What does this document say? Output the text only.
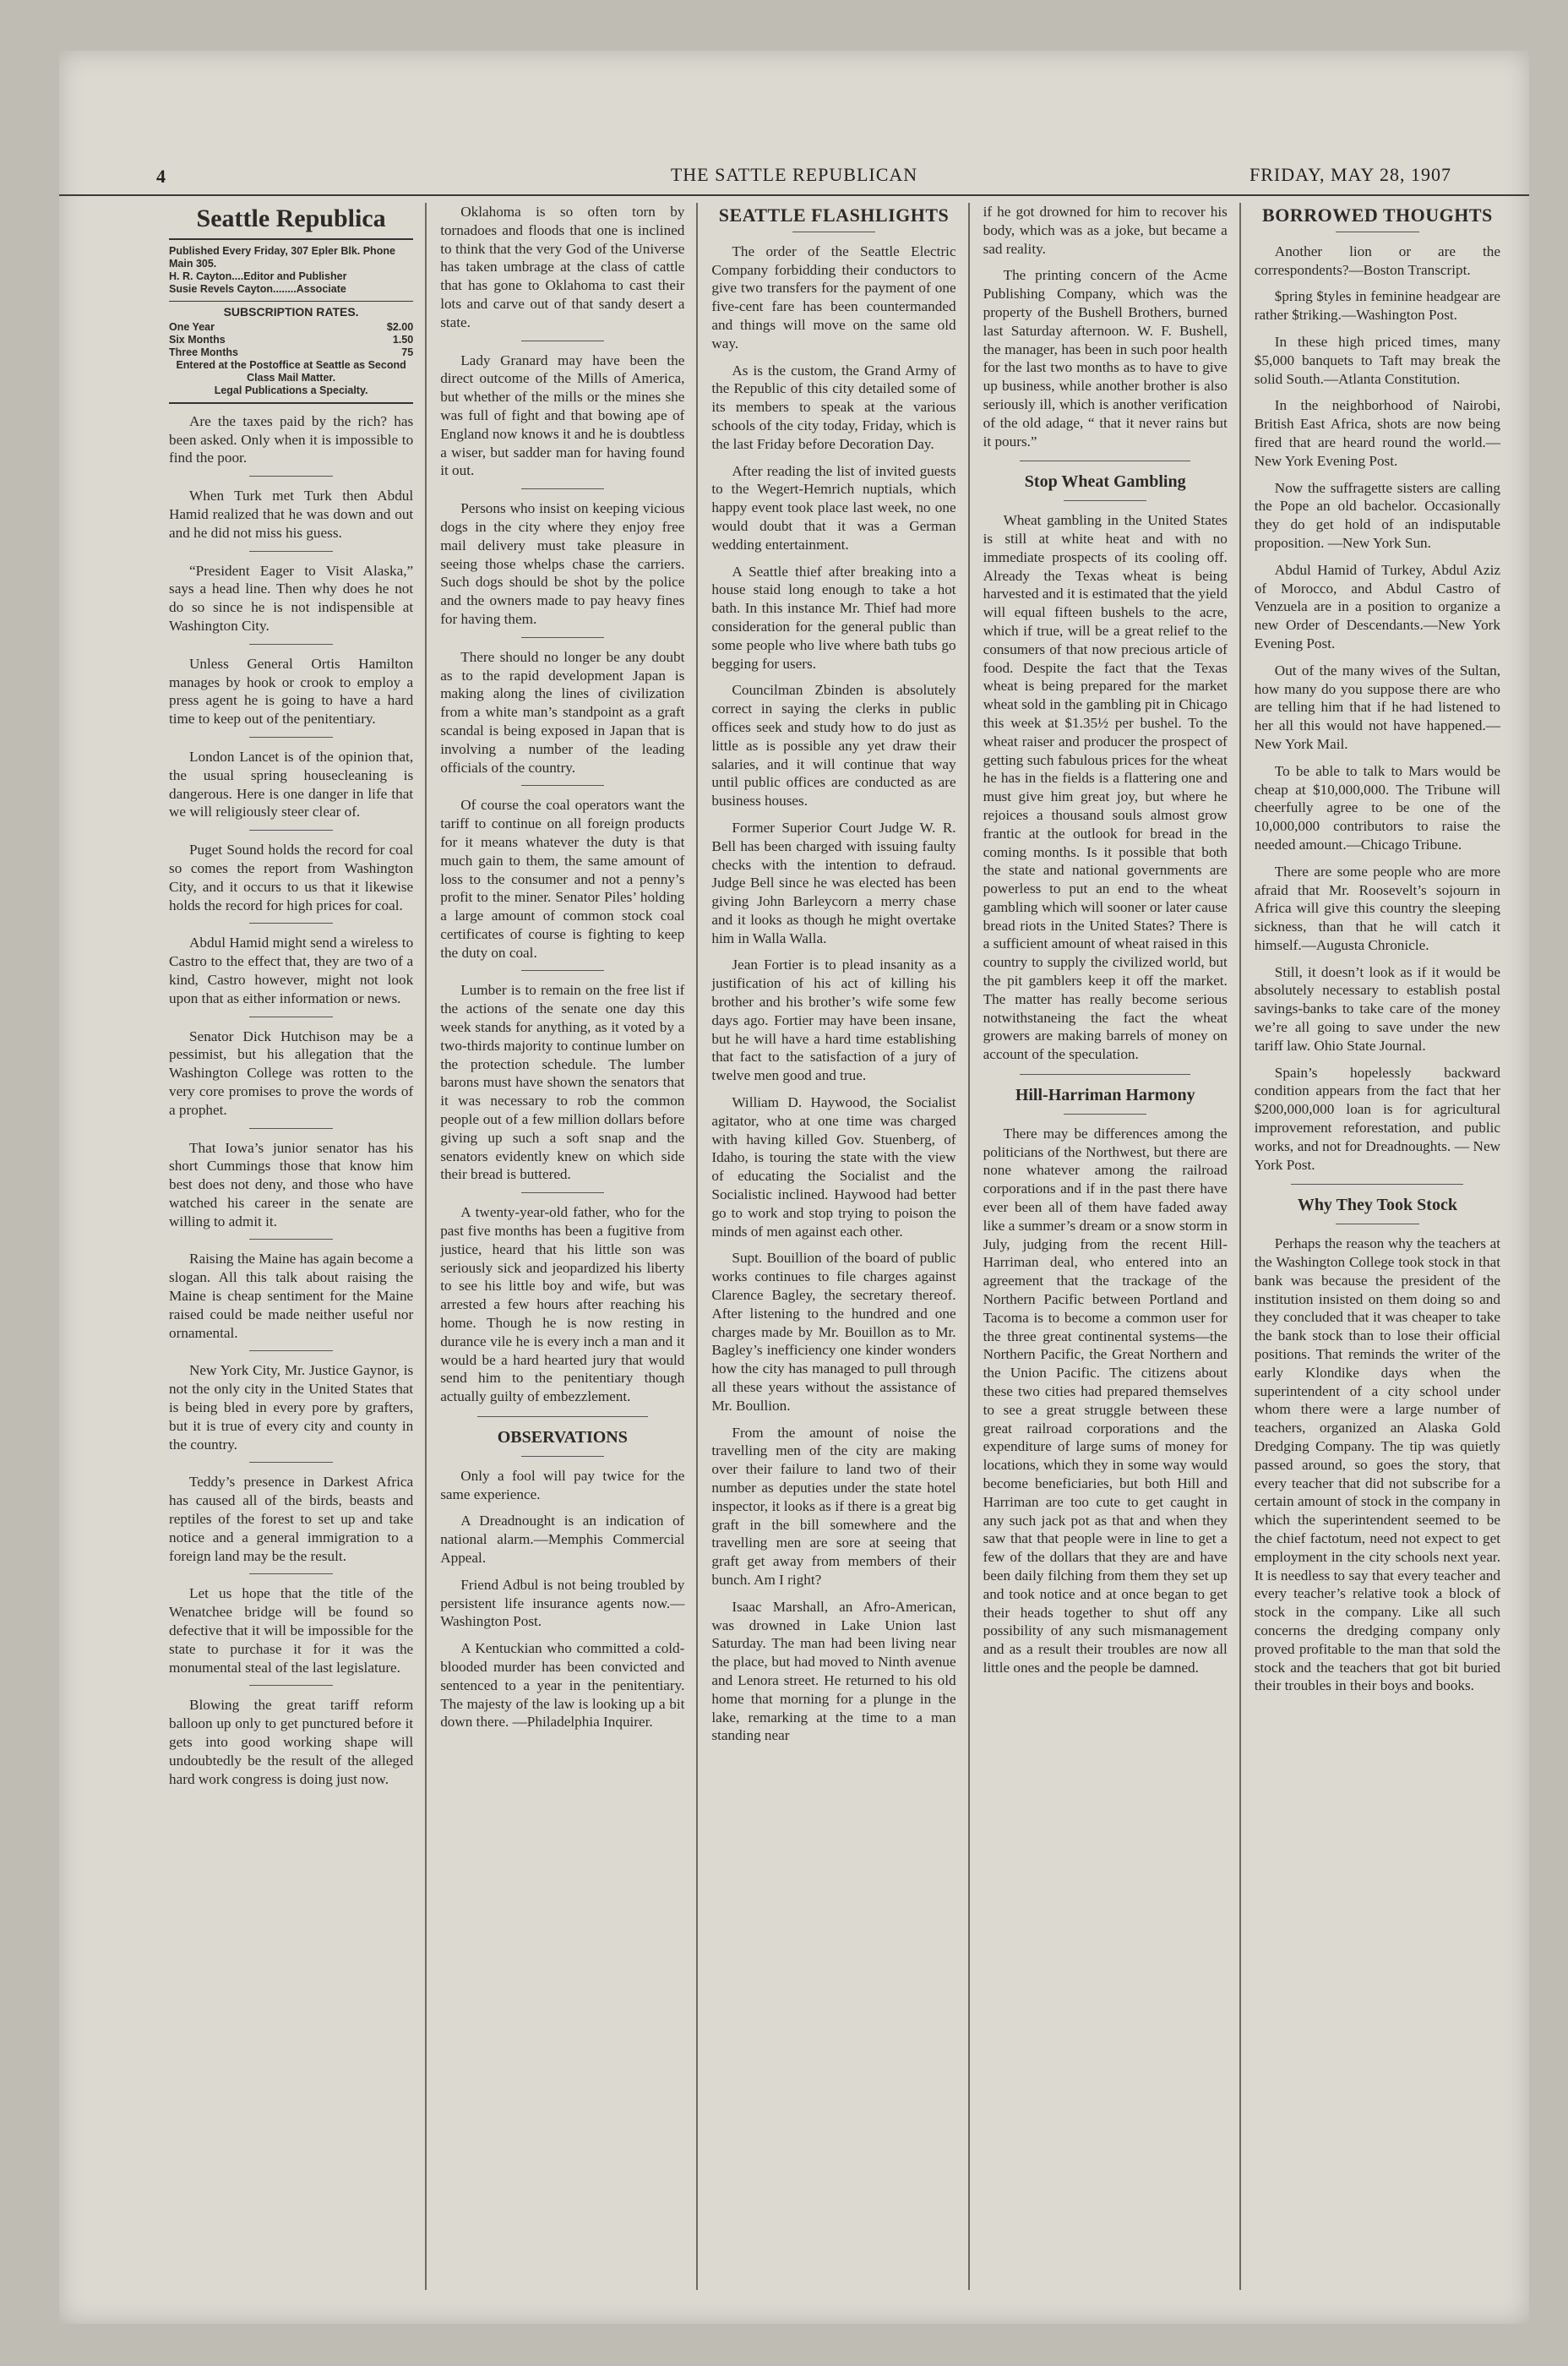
4	THE SATTLE REPUBLICAN	FRIDAY, MAY 28, 1907
Seattle Republica
Published Every Friday, 307 Epler Blk. Phone Main 305.
H. R. Cayton....Editor and Publisher
Susie Revels Cayton........Associate
SUBSCRIPTION RATES.
One Year	$2.00
Six Months	1.50
Three Months	75
Entered at the Postoffice at Seattle as Second Class Mail Matter.
Legal Publications a Specialty.

Are the taxes paid by the rich? has been asked. Only when it is impossible to find the poor.

When Turk met Turk then Abdul Hamid realized that he was down and out and he did not miss his guess.

“President Eager to Visit Alaska,” says a head line. Then why does he not do so since he is not indispensible at Washington City.

Unless General Ortis Hamilton manages by hook or crook to employ a press agent he is going to have a hard time to keep out of the penitentiary.

London Lancet is of the opinion that, the usual spring housecleaning is dangerous. Here is one danger in life that we will religiously steer clear of.

Puget Sound holds the record for coal so comes the report from Washington City, and it occurs to us that it likewise holds the record for high prices for coal.

Abdul Hamid might send a wireless to Castro to the effect that, they are two of a kind, Castro however, might not look upon that as either information or news.

Senator Dick Hutchison may be a pessimist, but his allegation that the Washington College was rotten to the very core promises to prove the words of a prophet.

That Iowa’s junior senator has his short Cummings those that know him best does not deny, and those who have watched his career in the senate are willing to admit it.

Raising the Maine has again become a slogan. All this talk about raising the Maine is cheap sentiment for the Maine raised could be made neither useful nor ornamental.

New York City, Mr. Justice Gaynor, is not the only city in the United States that is being bled in every pore by grafters, but it is true of every city and county in the country.

Teddy’s presence in Darkest Africa has caused all of the birds, beasts and reptiles of the forest to set up and take notice and a general immigration to a foreign land may be the result.

Let us hope that the title of the Wenatchee bridge will be found so defective that it will be impossible for the state to purchase it for it was the monumental steal of the last legislature.

Blowing the great tariff reform balloon up only to get punctured before it gets into good working shape will undoubtedly be the result of the alleged hard work congress is doing just now.

Oklahoma is so often torn by tornadoes and floods that one is inclined to think that the very God of the Universe has taken umbrage at the class of cattle that has gone to Oklahoma to cast their lots and carve out of that sandy desert a state.

Lady Granard may have been the direct outcome of the Mills of America, but whether of the mills or the mines she was full of fight and that bowing ape of England now knows it and he is doubtless a wiser, but sadder man for having found it out.

Persons who insist on keeping vicious dogs in the city where they enjoy free mail delivery must take pleasure in seeing those whelps chase the carriers. Such dogs should be shot by the police and the owners made to pay heavy fines for having them.

There should no longer be any doubt as to the rapid development Japan is making along the lines of civilization from a white man’s standpoint as a graft scandal is being exposed in Japan that is involving a number of the leading officials of the country.

Of course the coal operators want the tariff to continue on all foreign products for it means whatever the duty is that much gain to them, the same amount of loss to the consumer and not a penny’s profit to the miner. Senator Piles’ holding a large amount of common stock coal certificates of course is fighting to keep the duty on coal.

Lumber is to remain on the free list if the actions of the senate one day this week stands for anything, as it voted by a two-thirds majority to continue lumber on the protection schedule. The lumber barons must have shown the senators that it was necessary to rob the common people out of a few million dollars before giving up such a soft snap and the senators evidently knew on which side their bread is buttered.

A twenty-year-old father, who for the past five months has been a fugitive from justice, heard that his little son was seriously sick and jeopardized his liberty to see his little boy and wife, but was arrested a few hours after reaching his home. Though he is now resting in durance vile he is every inch a man and it would be a hard hearted jury that would send him to the penitentiary though actually guilty of embezzlement.

OBSERVATIONS

Only a fool will pay twice for the same experience.

A Dreadnought is an indication of national alarm.—Memphis Commercial Appeal.

Friend Adbul is not being troubled by persistent life insurance agents now.—Washington Post.

A Kentuckian who committed a cold-blooded murder has been convicted and sentenced to a year in the penitentiary. The majesty of the law is looking up a bit down there. —Philadelphia Inquirer.

SEATTLE FLASHLIGHTS

The order of the Seattle Electric Company forbidding their conductors to give two transfers for the payment of one five-cent fare has been countermanded and things will move on the same old way.

As is the custom, the Grand Army of the Republic of this city detailed some of its members to speak at the various schools of the city today, Friday, which is the last Friday before Decoration Day.

After reading the list of invited guests to the Wegert-Hemrich nuptials, which happy event took place last week, no one would doubt that it was a German wedding entertainment.

A Seattle thief after breaking into a house staid long enough to take a hot bath. In this instance Mr. Thief had more consideration for the general public than some people who live where bath tubs go begging for users.

Councilman Zbinden is absolutely correct in saying the clerks in public offices seek and study how to do just as little as is possible any yet draw their salaries, and it will continue that way until public offices are conducted as are business houses.

Former Superior Court Judge W. R. Bell has been charged with issuing faulty checks with the intention to defraud. Judge Bell since he was elected has been giving John Barleycorn a merry chase and it looks as though he might overtake him in Walla Walla.

Jean Fortier is to plead insanity as a justification of his act of killing his brother and his brother’s wife some few days ago. Fortier may have been insane, but he will have a hard time establishing that fact to the satisfaction of a jury of twelve men good and true.

William D. Haywood, the Socialist agitator, who at one time was charged with having killed Gov. Stuenberg, of Idaho, is touring the state with the view of educating the Socialist and the Socialistic inclined. Haywood had better go to work and stop trying to poison the minds of men against each other.

Supt. Bouillion of the board of public works continues to file charges against Clarence Bagley, the secretary thereof. After listening to the hundred and one charges made by Mr. Bouillon as to Mr. Bagley’s inefficiency one kinder wonders how the city has managed to pull through all these years without the assistance of Mr. Boullion.

From the amount of noise the travelling men of the city are making over their failure to land two of their number as deputies under the state hotel inspector, it looks as if there is a great big graft in the bill somewhere and the travelling men are sore at seeing that graft get away from members of their bunch. Am I right?

Isaac Marshall, an Afro-American, was drowned in Lake Union last Saturday. The man had been living near the place, but had moved to Ninth avenue and Lenora street. He returned to his old home that morning for a plunge in the lake, remarking at the time to a man standing near

if he got drowned for him to recover his body, which was as a joke, but became a sad reality.

The printing concern of the Acme Publishing Company, which was the property of the Bushell Brothers, burned last Saturday afternoon. W. F. Bushell, the manager, has been in such poor health for the last two months as to have to give up business, while another brother is also seriously ill, which is another verification of the old adage, “ that it never rains but it pours.”

Stop Wheat Gambling

Wheat gambling in the United States is still at white heat and with no immediate prospects of its cooling off. Already the Texas wheat is being harvested and it is estimated that the yield will equal fifteen bushels to the acre, which if true, will be a great relief to the consumers of that now precious article of food. Despite the fact that the Texas wheat is being prepared for the market wheat sold in the gambling pit in Chicago this week at $1.35½ per bushel. To the wheat raiser and producer the prospect of getting such fabulous prices for the wheat he has in the fields is a flattering one and must give him great joy, but where he rejoices a thousand souls almost grow frantic at the outlook for bread in the coming months. Is it possible that both the state and national governments are powerless to put an end to the wheat gambling which will sooner or later cause bread riots in the United States? There is a sufficient amount of wheat raised in this country to supply the civilized world, but the pit gamblers keep it off the market. The matter has really become serious notwithstaneing the fact the wheat growers are making barrels of money on account of the speculation.

Hill-Harriman Harmony

There may be differences among the politicians of the Northwest, but there are none whatever among the railroad corporations and if in the past there have ever been all of them have faded away like a summer’s dream or a snow storm in July, judging from the recent Hill-Harriman deal, who entered into an agreement that the trackage of the Northern Pacific between Portland and Tacoma is to become a common user for the three great continental systems—the Northern Pacific, the Great Northern and the Union Pacific. The citizens about these two cities had prepared themselves to see a great struggle between these great railroad corporations and the expenditure of large sums of money for locations, which they in some way would become beneficiaries, but both Hill and Harriman are too cute to get caught in any such jack pot as that and when they saw that that people were in line to get a few of the dollars that they are and have been daily filching from them they set up and took notice and at once began to get their heads together to shut off any possibility of any such mismanagement and as a result their troubles are now all little ones and the people be damned.

BORROWED THOUGHTS

Another lion or are the correspondents?—Boston Transcript.

$pring $tyles in feminine headgear are rather $triking.—Washington Post.

In these high priced times, many $5,000 banquets to Taft may break the solid South.—Atlanta Constitution.

In the neighborhood of Nairobi, British East Africa, shots are now being fired that are heard round the world.—New York Evening Post.

Now the suffragette sisters are calling the Pope an old bachelor. Occasionally they do get hold of an indisputable proposition. —New York Sun.

Abdul Hamid of Turkey, Abdul Aziz of Morocco, and Abdul Castro of Venzuela are in a position to organize a new Order of Descendants.—New York Evening Post.

Out of the many wives of the Sultan, how many do you suppose there are who are telling him that if he had listened to her all this would not have happened.—New York Mail.

To be able to talk to Mars would be cheap at $10,000,000. The Tribune will cheerfully agree to be one of the 10,000,000 contributors to raise the needed amount.—Chicago Tribune.

There are some people who are more afraid that Mr. Roosevelt’s sojourn in Africa will give this country the sleeping sickness, than that he will catch it himself.—Augusta Chronicle.

Still, it doesn’t look as if it would be absolutely necessary to establish postal savings-banks to take care of the money we’re all going to save under the new tariff law. Ohio State Journal.

Spain’s hopelessly backward condition appears from the fact that her $200,000,000 loan is for agricultural improvement reforestation, and public works, and not for Dreadnoughts. — New York Post.

Why They Took Stock

Perhaps the reason why the teachers at the Washington College took stock in that bank was because the president of the institution insisted on them doing so and they concluded that it was cheaper to take the bank stock than to lose their official positions. That reminds the writer of the early Klondike days when the superintendent of a city school under whom there were a large number of teachers, organized an Alaska Gold Dredging Company. The tip was quietly passed around, so goes the story, that every teacher that did not subscribe for a certain amount of stock in the company in which the superintendent seemed to be the chief factotum, need not expect to get employment in the city schools next year. It is needless to say that every teacher and every teacher’s relative took a block of stock in the company. Like all such concerns the dredging company only proved profitable to the man that sold the stock and the teachers that got bit buried their troubles in their boys and books.
